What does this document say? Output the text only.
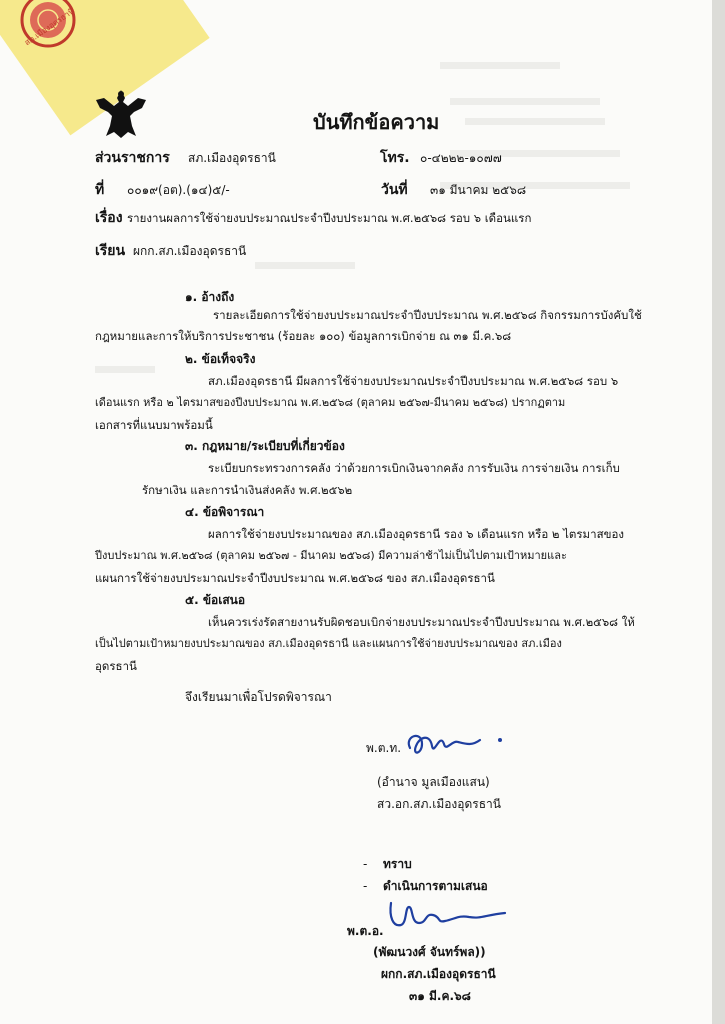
สภ.เมืองอุดรธานี
บันทึกข้อความ
ส่วนราชการ สภ.เมืองอุดรธานี	โทร. ๐-๔๒๒๒-๑๐๗๗
ที่ ๐๐๑๙(อต).(๑๔)๕/-	วันที่ ๓๑ มีนาคม ๒๕๖๘
เรื่อง รายงานผลการใช้จ่ายงบประมาณประจำปีงบประมาณ พ.ศ.๒๕๖๘ รอบ ๖ เดือนแรก
เรียน ผกก.สภ.เมืองอุดรธานี
๑. อ้างถึง
รายละเอียดการใช้จ่ายงบประมาณประจำปีงบประมาณ พ.ศ.๒๕๖๘ กิจกรรมการบังคับใช้
กฎหมายและการให้บริการประชาชน (ร้อยละ ๑๐๐) ข้อมูลการเบิกจ่าย ณ ๓๑ มี.ค.๖๘
๒. ข้อเท็จจริง
สภ.เมืองอุดรธานี มีผลการใช้จ่ายงบประมาณประจำปีงบประมาณ พ.ศ.๒๕๖๘ รอบ ๖
เดือนแรก หรือ ๒ ไตรมาสของปีงบประมาณ พ.ศ.๒๕๖๘ (ตุลาคม ๒๕๖๗-มีนาคม ๒๕๖๘) ปรากฏตาม
เอกสารที่แนบมาพร้อมนี้
๓. กฎหมาย/ระเบียบที่เกี่ยวข้อง
ระเบียบกระทรวงการคลัง ว่าด้วยการเบิกเงินจากคลัง การรับเงิน การจ่ายเงิน การเก็บ
รักษาเงิน และการนำเงินส่งคลัง พ.ศ.๒๕๖๒
๔. ข้อพิจารณา
ผลการใช้จ่ายงบประมาณของ สภ.เมืองอุดรธานี รอง ๖ เดือนแรก หรือ ๒ ไตรมาสของ
ปีงบประมาณ พ.ศ.๒๕๖๘ (ตุลาคม ๒๕๖๗ - มีนาคม ๒๕๖๘) มีความล่าช้าไม่เป็นไปตามเป้าหมายและ
แผนการใช้จ่ายงบประมาณประจำปีงบประมาณ พ.ศ.๒๕๖๘ ของ สภ.เมืองอุดรธานี
๕. ข้อเสนอ
เห็นควรเร่งรัดสายงานรับผิดชอบเบิกจ่ายงบประมาณประจำปีงบประมาณ พ.ศ.๒๕๖๘ ให้
เป็นไปตามเป้าหมายงบประมาณของ สภ.เมืองอุดรธานี และแผนการใช้จ่ายงบประมาณของ สภ.เมือง
อุดรธานี
จึงเรียนมาเพื่อโปรดพิจารณา
พ.ต.ท.
(อำนาจ มูลเมืองแสน)
สว.อก.สภ.เมืองอุดรธานี
- ทราบ
- ดำเนินการตามเสนอ
พ.ต.อ.
(พัฒนวงศ์ จันทร์พล))
ผกก.สภ.เมืองอุดรธานี
๓๑ มี.ค.๖๘
